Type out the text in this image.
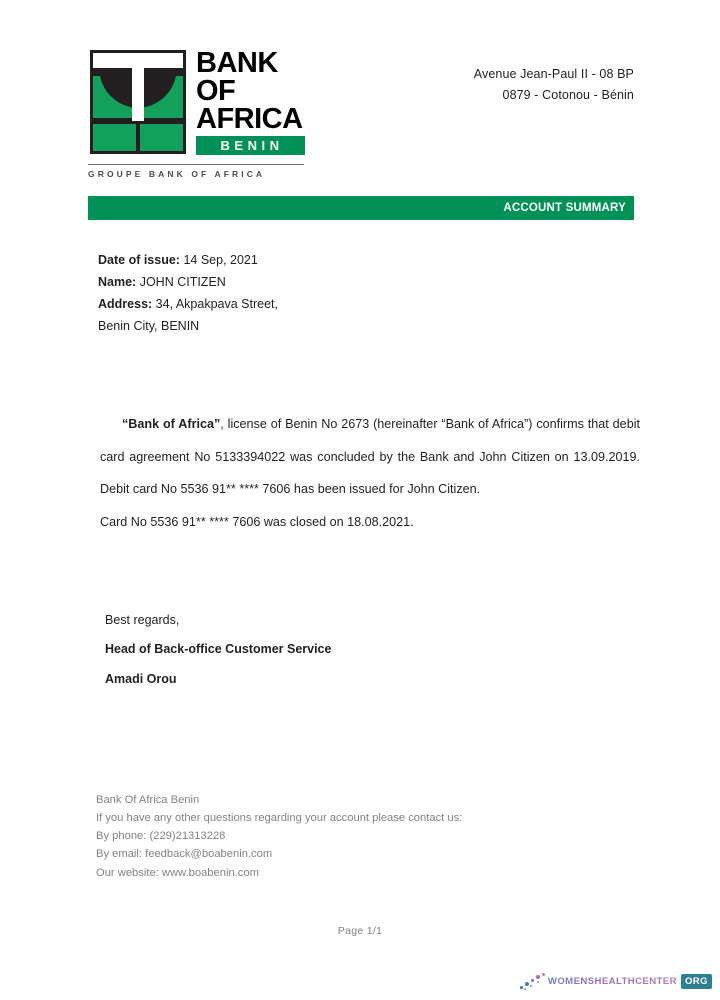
BANK
OF
AFRICA
BENIN
GROUPE BANK OF AFRICA
Avenue Jean-Paul II - 08 BP
0879 - Cotonou - Bénin
ACCOUNT SUMMARY
Date of issue: 14 Sep, 2021
Name: JOHN CITIZEN
Address: 34, Akpakpava Street,
Benin City, BENIN
“Bank of Africa”, license of Benin No 2673 (hereinafter “Bank of Africa”) confirms that debit card agreement No 5133394022 was concluded by the Bank and John Citizen on 13.09.2019. Debit card No 5536 91** **** 7606 has been issued for John Citizen.
Card No 5536 91** **** 7606 was closed on 18.08.2021.
Best regards,
Head of Back-office Customer Service
Amadi Orou
Bank Of Africa Benin
If you have any other questions regarding your account please contact us:
By phone: (229)21313228
By email: feedback@boabenin.com
Our website: www.boabenin.com
Page 1/1
WOMENSHEALTHCENTER ORG
